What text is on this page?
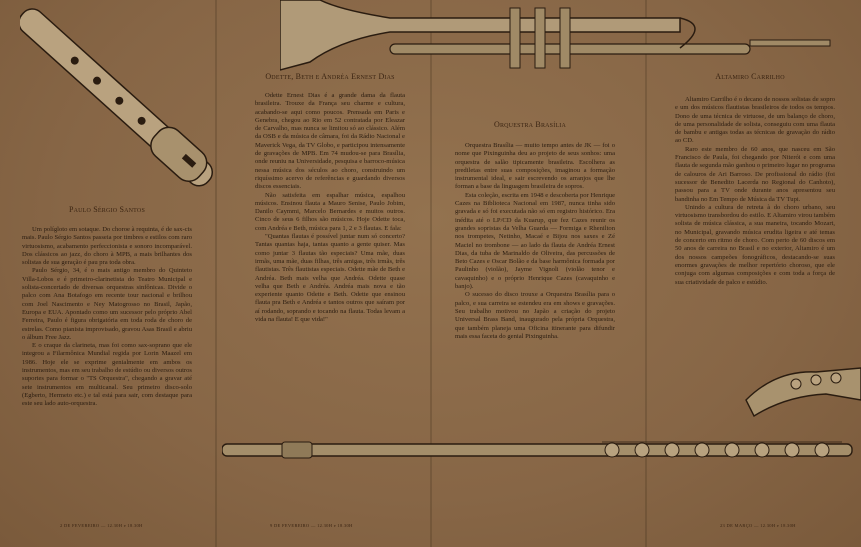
Paulo Sérgio Santos

Um polígloto em sotaque. Do choroe à requinta, é de sax-cis mais. Paulo Sérgio Santos passeia por timbres e estilos com raro virtuosismo, acabamento perfeccionista e sonoro incomparável. Dos clássicos ao jazz, do choro à MPB, a mais brilhantes dos solistas de sua geração é pau pra toda obra.

Paulo Sérgio, 34, é o mais antigo membro do Quinteto Villa-Lobos e é primeiro-clarinetista do Teatro Municipal e solista-concertado de diversas orquestras sinfônicas. Divide o palco com Ana Botafogo em recente tour nacional e brilhou com Joel Nascimento e Ney Matogrosso no Brasil, Japão, Europa e EUA. Apontado como um sucessor pelo próprio Abel Ferreira, Paulo é figura obrigatória em toda roda de choro de estrelas. Como pianista improvisado, gravou Asas Brasil e abriu o álbum Free Jazz.

E o craque da clarineta, mas foi como sax-soprano que ele integrou a Filarmônica Mundial regida por Lorin Maazel em 1986. Hoje ele se exprime genialmente em ambos os instrumentos, mas em seu trabalho de estúdio ou diversos outros suportes para formar o "TS Orquestra", chegando a gravar até sete instrumentos em multicanal. Seu primeiro disco-solo (Egberto, Hermeto etc.) e tal está para sair, com destaque para este seu lado auto-orquestra.

2 DE FEVEREIRO — 12.30H e 18.30H
Odette, Beth e Andréa Ernest Dias

Odette Ernest Dias é a grande dama da flauta brasileira. Trouxe da França seu charme e cultura, acabando-se aqui como poucos. Prensada em Paris e Genebra, chegou ao Rio em 52 contratada por Eleazar de Carvalho, mas nunca se limitou só ao clássico. Além da OSB e da música de câmara, foi da Rádio Nacional e Maverick Vega, da TV Globo, e participou intensamente de gravações de MPB. Em 74 mudou-se para Brasília, onde reuniu na Universidade, pesquisa e barroco-música nessa música dos séculos ao choro, construindo um riquíssimo acervo de referências e guardando diversos discos essenciais.

Não satisfeita em espalhar música, espalhou músicos. Ensinou flauta a Mauro Senise, Paulo Jobim, Danilo Caymmi, Marcelo Bernardes e muitos outros. Cinco de seus 6 filhos são músicos. Hoje Odette toca, com Andréa e Beth, música para 1, 2 e 3 flautas. E fala:

"Quantas flautas é possível juntar num só concerto? Tantas quantas haja, tantas quanto a gente quiser. Mas como juntar 3 flautas tão especiais? Uma mãe, duas irmãs, uma mãe, duas filhas, três amigas, três irmãs, três flautistas. Três flautistas especiais. Odette mãe de Beth e Andréa. Beth mais velha que Andréa. Odette quase velha que Beth e Andréa. Andréa mais nova e tão experiente quanto Odette e Beth. Odette que ensinou flauta pra Beth e Andréa e tantos outros que saíram por aí rodando, soprando e tocando na flauta. Todas levam a vida na flauta! E que vida!"

9 DE FEVEREIRO — 12.30H e 18.30H
Orquestra Brasília

Orquestra Brasília — muito tempo antes de JK — foi o nome que Pixinguinha deu ao projeto de seus sonhos: uma orquestra de salão tipicamente brasileira. Escolhera as prediletas entre suas composições, imaginou a formação instrumental ideal, e sair escrevendo os arranjos que lhe forman a base da linguagem brasileira de sopros.

Esta coleção, escrita em 1948 e descoberta por Henrique Cazes na Biblioteca Nacional em 1987, nunca tinha sido gravada e só foi executada não só em registro histórico. Era inédita até o LP/CD da Kuarup, que fez Cazes reunir os grandes sopristas da Velha Guarda — Formiga e Rhenilton nos trompetes, Netinho, Macaé e Bijou nos saxes e Zé Maciel no trombone — ao lado da flauta de Andréa Ernest Dias, da tuba de Marinaldo de Oliveira, das percussões de Beto Cazes e Oscar Bolão e da base harmônica formada por Paulinho (violão), Jayme Vignoli (violão tenor e cavaquinho) e o próprio Henrique Cazes (cavaquinho e banjo).

O sucesso do disco trouxe a Orquestra Brasília para o palco, e sua carreira se estendeu era em shows e gravações. Seu trabalho motivou no Japão a criação do projeto Universal Brass Band, inaugurado pela própria Orquestra, que também planeja uma Oficina itinerante para difundir mais essa faceta do genial Pixinguinha.

Altamiro Carrilho

Altamiro Carrilho é o decano de nossos solistas de sopro e um dos músicos flautistas brasileiros de todos os tempos. Dono de uma técnica de virtuose, de um balanço de choro, de uma personalidade de solista, conseguiu com uma flauta de bambu e antigas todas as técnicas de gravação do rádio ao CD.

Raro este membro de 60 anos, que nasceu em São Francisco de Paula, foi chegando por Niterói e com uma flauta de segunda mão ganhou o primeiro lugar no programa de calouros de Ari Barroso. De profissional do rádio (foi sucessor de Benedito Lacerda no Regional do Canhoto), passou para a TV onde durante anos apresentou seu bandinha no Em Tempo de Música da TV Tupi.

Unindo a cultura de retreta à do choro urbano, seu virtuosismo transbordou do estilo. E Altamiro virou também solista de música clássica, a sua maneira, tocando Mozart, no Municipal, gravando música erudita ligeira e até temas de concerto em ritmo de choro. Com perto de 60 discos em 50 anos de carreira no Brasil e no exterior, Altamiro é um dos nossos campeões fonográficos, destacando-se suas enormes gravações de melhor repertório choroso, que ele conjuga com algumas composições e com toda a força de sua criatividade de palco e estúdio.

23 DE MARÇO — 12.30H e 18.30H
